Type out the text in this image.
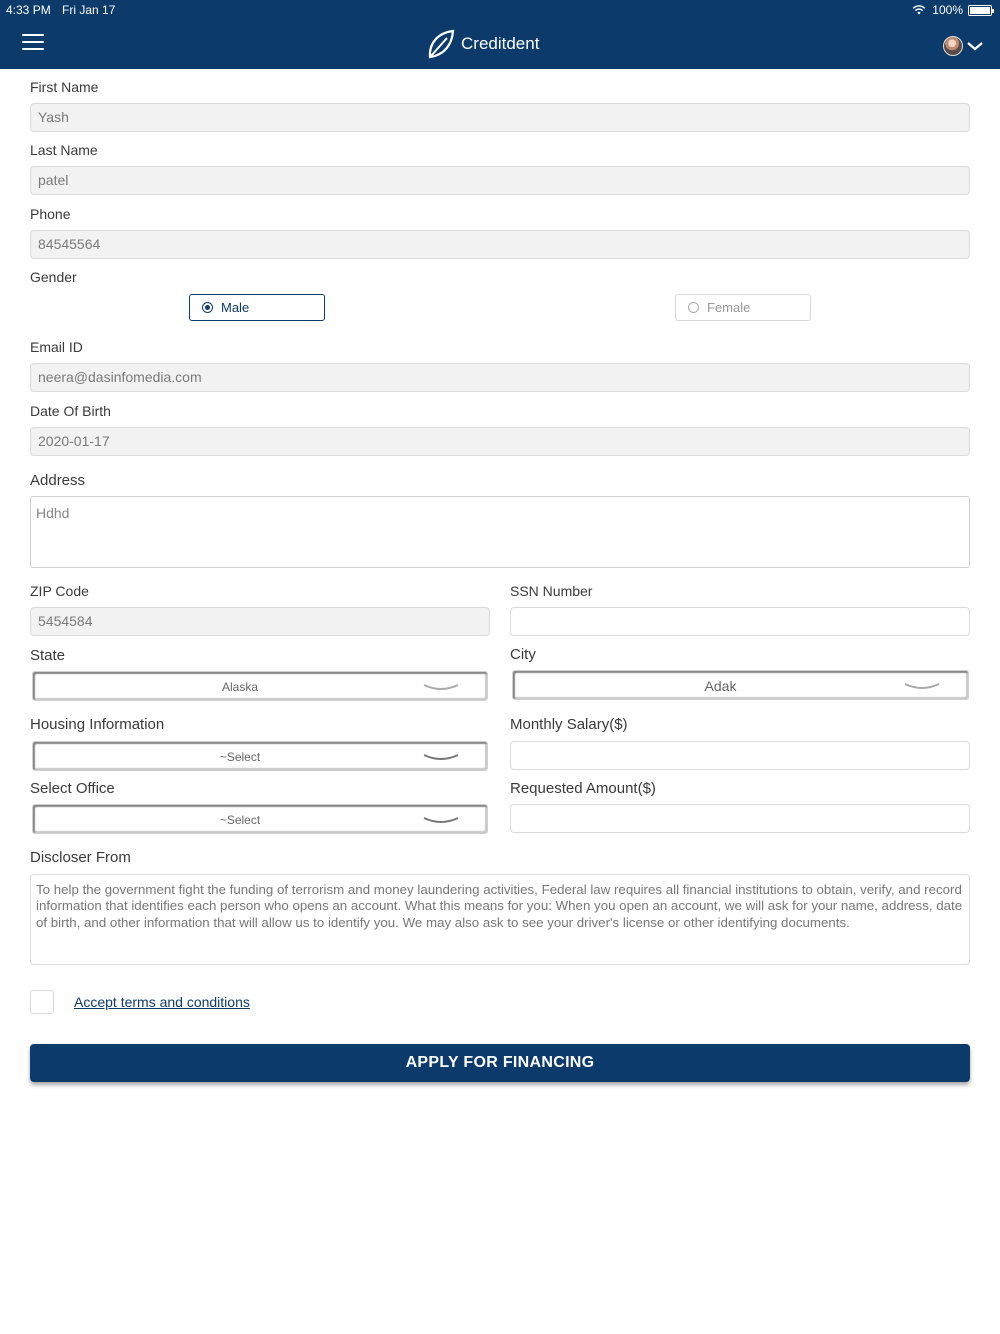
4:33 PM Fri Jan 17	100%
Creditdent
First Name
Yash
Last Name
patel
Phone
84545564
Gender
Male	Female
Email ID
neera@dasinfomedia.com
Date Of Birth
2020-01-17
Address
Hdhd
ZIP Code
5454584
SSN Number
State
Alaska
City
Adak
Housing Information
~Select
Monthly Salary($)
Select Office
~Select
Requested Amount($)
Discloser From
To help the government fight the funding of terrorism and money laundering activities, Federal law requires all financial institutions to obtain, verify, and record information that identifies each person who opens an account. What this means for you: When you open an account, we will ask for your name, address, date of birth, and other information that will allow us to identify you. We may also ask to see your driver's license or other identifying documents.
Accept terms and conditions
APPLY FOR FINANCING
